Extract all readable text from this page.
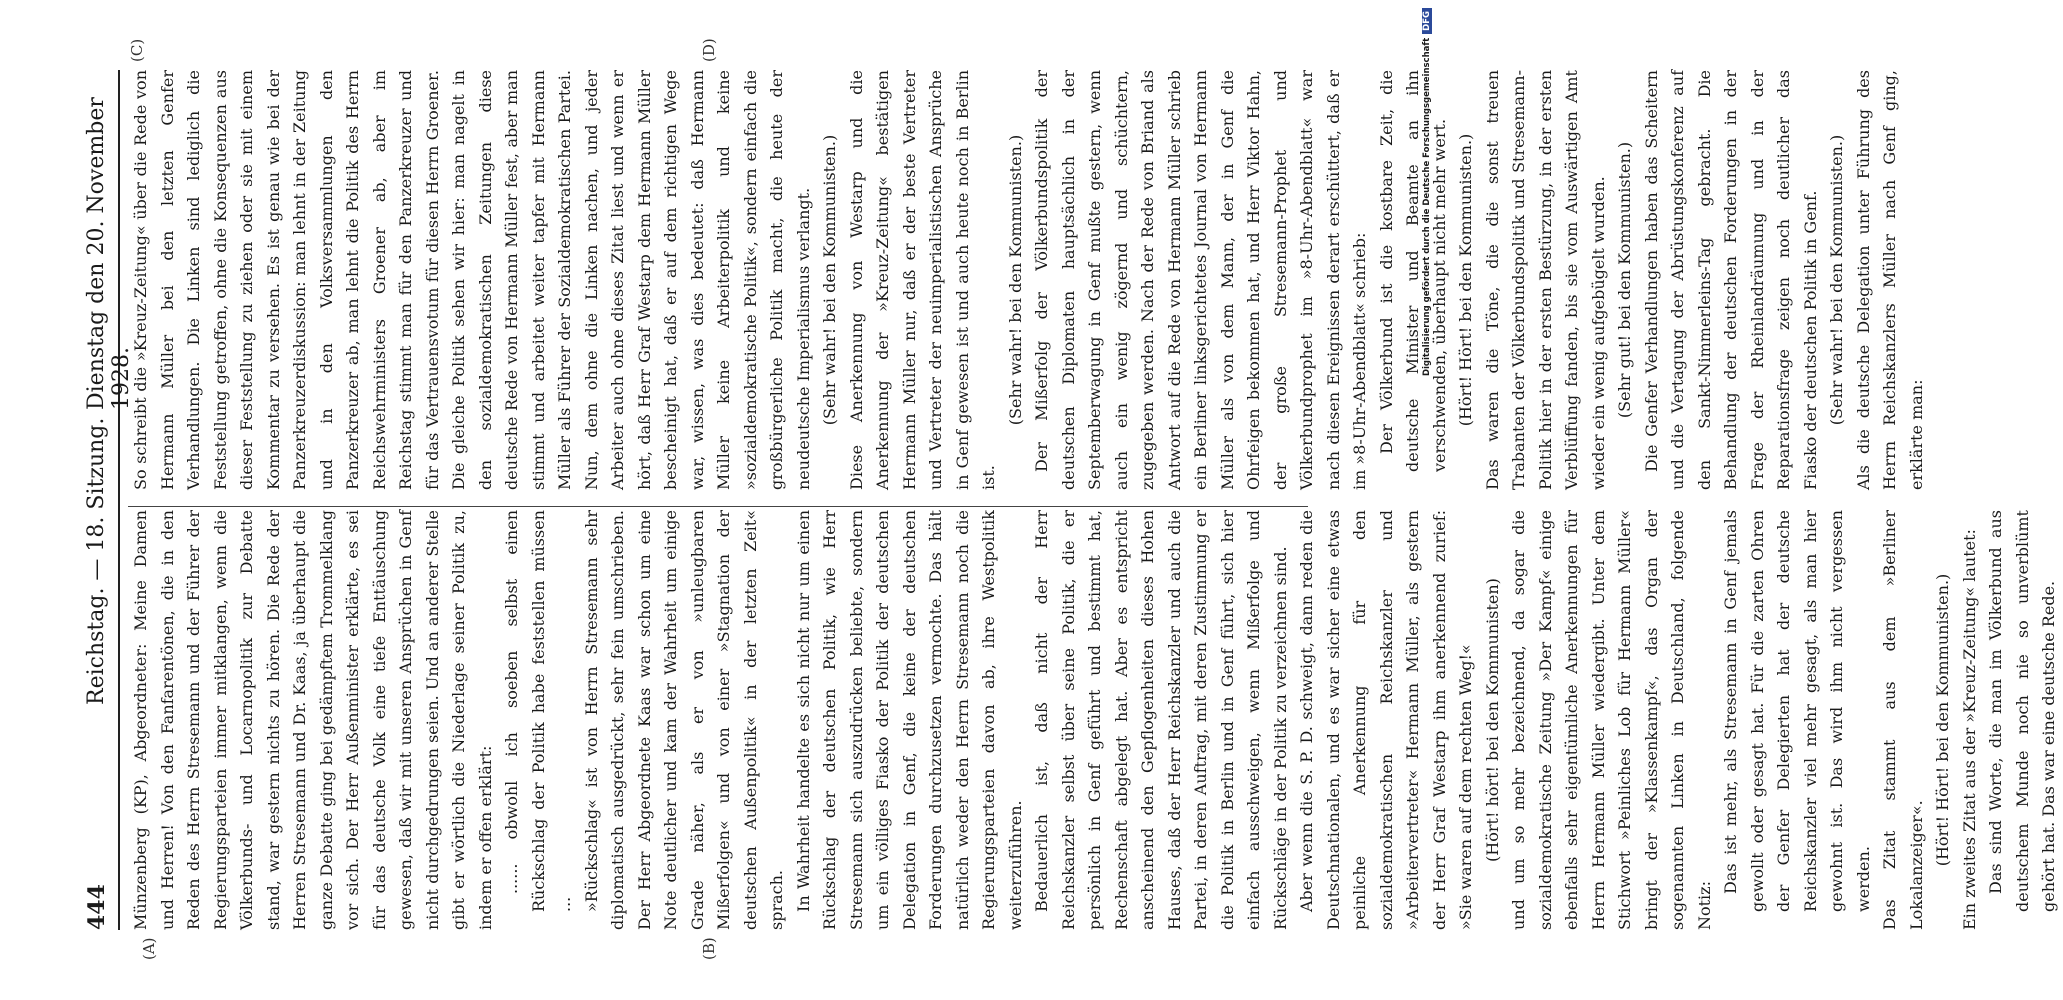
444
Reichstag. — 18. Sitzung.
Dienstag den 20. November 1928.
(A)	(B)
(C)	(D)

Münzenberg (KP), Abgeordneter: Meine Damen und Herren! Von den Fanfarentönen, die in den Reden des Herrn Stresemann und der Führer der Regierungsparteien immer mitklangen, wenn die Völkerbunds- und Locarnopolitik zur Debatte stand, war gestern nichts zu hören. Die Rede der Herren Stresemann und Dr. Kaas, ja überhaupt die ganze Debatte ging bei gedämpftem Trommelklang vor sich. Der Herr Außenminister erklärte, es sei für das deutsche Volk eine tiefe Enttäuschung gewesen, daß wir mit unseren Ansprüchen in Genf nicht durchgedrungen seien. Und an anderer Stelle gibt er wörtlich die Niederlage seiner Politik zu, indem er offen erklärt: ...... obwohl ich soeben selbst einen Rückschlag der Politik habe feststellen müssen ... »Rückschlag« ist von Herrn Stresemann sehr diplomatisch ausgedrückt, sehr fein umschrieben. Der Herr Abgeordnete Kaas war schon um eine Note deutlicher und kam der Wahrheit um einige Grade näher, als er von »unleugbaren Mißerfolgen« und von einer »Stagnation der deutschen Außenpolitik« in der letzten Zeit« sprach. In Wahrheit handelte es sich nicht nur um einen Rückschlag der deutschen Politik, wie Herr Stresemann sich auszudrücken beliebte, sondern um ein völliges Fiasko der Politik der deutschen Delegation in Genf, die keine der deutschen Forderungen durchzusetzen vermochte. Das hält natürlich weder den Herrn Stresemann noch die Regierungsparteien davon ab, ihre Westpolitik weiterzuführen. Bedauerlich ist, daß nicht der Herr Reichskanzler selbst über seine Politik, die er persönlich in Genf geführt und bestimmt hat, Rechenschaft abgelegt hat. Aber es entspricht anscheinend den Gepflogenheiten dieses Hohen Hauses, daß der Herr Reichskanzler und auch die Partei, in deren Auftrag, mit deren Zustimmung er die Politik in Berlin und in Genf führt, sich hier einfach ausschweigen, wenn Mißerfolge und Rückschläge in der Politik zu verzeichnen sind. Aber wenn die S. P. D. schweigt, dann reden die Deutschnationalen, und es war sicher eine etwas peinliche Anerkennung für den sozialdemokratischen Reichskanzler und »Arbeitervertreter« Hermann Müller, als gestern der Herr Graf Westarp ihm anerkennend zurief: »Sie waren auf dem rechten Weg!« (Hört! hört! bei den Kommunisten) und um so mehr bezeichnend, da sogar die sozialdemokratische Zeitung »Der Kampf« einige ebenfalls sehr eigentümliche Anerkennungen für Herrn Hermann Müller wiedergibt. Unter dem Stichwort »Peinliches Lob für Hermann Müller« bringt der »Klassenkampf«, das Organ der sogenannten Linken in Deutschland, folgende Notiz:

Das ist mehr, als Stresemann in Genf jemals gewollt oder gesagt hat. Für die zarten Ohren der Genfer Delegierten hat der deutsche Reichskanzler viel mehr gesagt, als man hier gewohnt ist. Das wird ihm nicht vergessen werden. Das Zitat stammt aus dem »Berliner Lokalanzeiger«. (Hört! Hört! bei den Kommunisten.) Ein zweites Zitat aus der »Kreuz-Zeitung« lautet: Das sind Worte, die man im Völkerbund aus deutschem Munde noch nie so unverblümt gehört hat. Das war eine deutsche Rede.

So schreibt die »Kreuz-Zeitung« über die Rede von Hermann Müller bei den letzten Genfer Verhandlungen. Die Linken sind lediglich die Feststellung getroffen, ohne die Konsequenzen aus dieser Feststellung zu ziehen oder sie mit einem Kommentar zu versehen. Es ist genau wie bei der Panzerkreuzerdiskussion: man lehnt in der Zeitung und in den Volksversammlungen den Panzerkreuzer ab, man lehnt die Politik des Herrn Reichswehrministers Groener ab, aber im Reichstag stimmt man für den Panzerkreuzer und für das Vertrauensvotum für diesen Herrn Groener. Die gleiche Politik sehen wir hier: man nagelt in den sozialdemokratischen Zeitungen diese deutsche Rede von Hermann Müller fest, aber man stimmt und arbeitet weiter tapfer mit Hermann Müller als Führer der Sozialdemokratischen Partei. Nun, dem ohne die Linken nachen, und jeder Arbeiter auch ohne dieses Zitat liest und wenn er hört, daß Herr Graf Westarp dem Hermann Müller bescheinigt hat, daß er auf dem richtigen Wege war, wissen, was dies bedeutet: daß Hermann Müller keine Arbeiterpolitik und keine »sozialdemokratische Politik«, sondern einfach die großbürgerliche Politik macht, die heute der neudeutsche Imperialismus verlangt. (Sehr wahr! bei den Kommunisten.) Diese Anerkennung von Westarp und die Anerkennung der »Kreuz-Zeitung« bestätigen Hermann Müller nur, daß er der beste Vertreter und Vertreter der neuimperialistischen Ansprüche in Genf gewesen ist und auch heute noch in Berlin ist.

(Sehr wahr! bei den Kommunisten.) Der Mißerfolg der Völkerbundspolitik der deutschen Diplomaten hauptsächlich in der Septemberwagung in Genf mußte gestern, wenn auch ein wenig zögernd und schüchtern, zugegeben werden. Nach der Rede von Briand als Antwort auf die Rede von Hermann Müller schrieb ein Berliner linksgerichtetes Journal von Hermann Müller als von dem Mann, der in Genf die Ohrfeigen bekommen hat, und Herr Viktor Hahn, der große Stresemann-Prophet und Völkerbundprophet im »8-Uhr-Abendblatt« war nach diesen Ereignissen derart erschüttert, daß er im »8-Uhr-Abendblatt« schrieb: Der Völkerbund ist die kostbare Zeit, die deutsche Minister und Beamte an ihn verschwenden, überhaupt nicht mehr wert. (Hört! Hört! bei den Kommunisten.) Das waren die Töne, die die sonst treuen Trabanten der Völkerbundspolitik und Stresemann-Politik hier in der ersten Bestürzung, in der ersten Verblüffung fanden, bis sie vom Auswärtigen Amt wieder ein wenig aufgebügelt wurden. (Sehr gut! bei den Kommunisten.) Die Genfer Verhandlungen haben das Scheitern und die Vertagung der Abrüstungskonferenz auf den Sankt-Nimmerleins-Tag gebracht. Die Behandlung der deutschen Forderungen in der Frage der Rheinlandräumung und in der Reparationsfrage zeigen noch deutlicher das Fiasko der deutschen Politik in Genf. (Sehr wahr! bei den Kommunisten.) Als die deutsche Delegation unter Führung des Herrn Reichskanzlers Müller nach Genf ging, erklärte man:

Digitalisierung gefördert durch die Deutsche ForschungsgemeinschaftDFG
